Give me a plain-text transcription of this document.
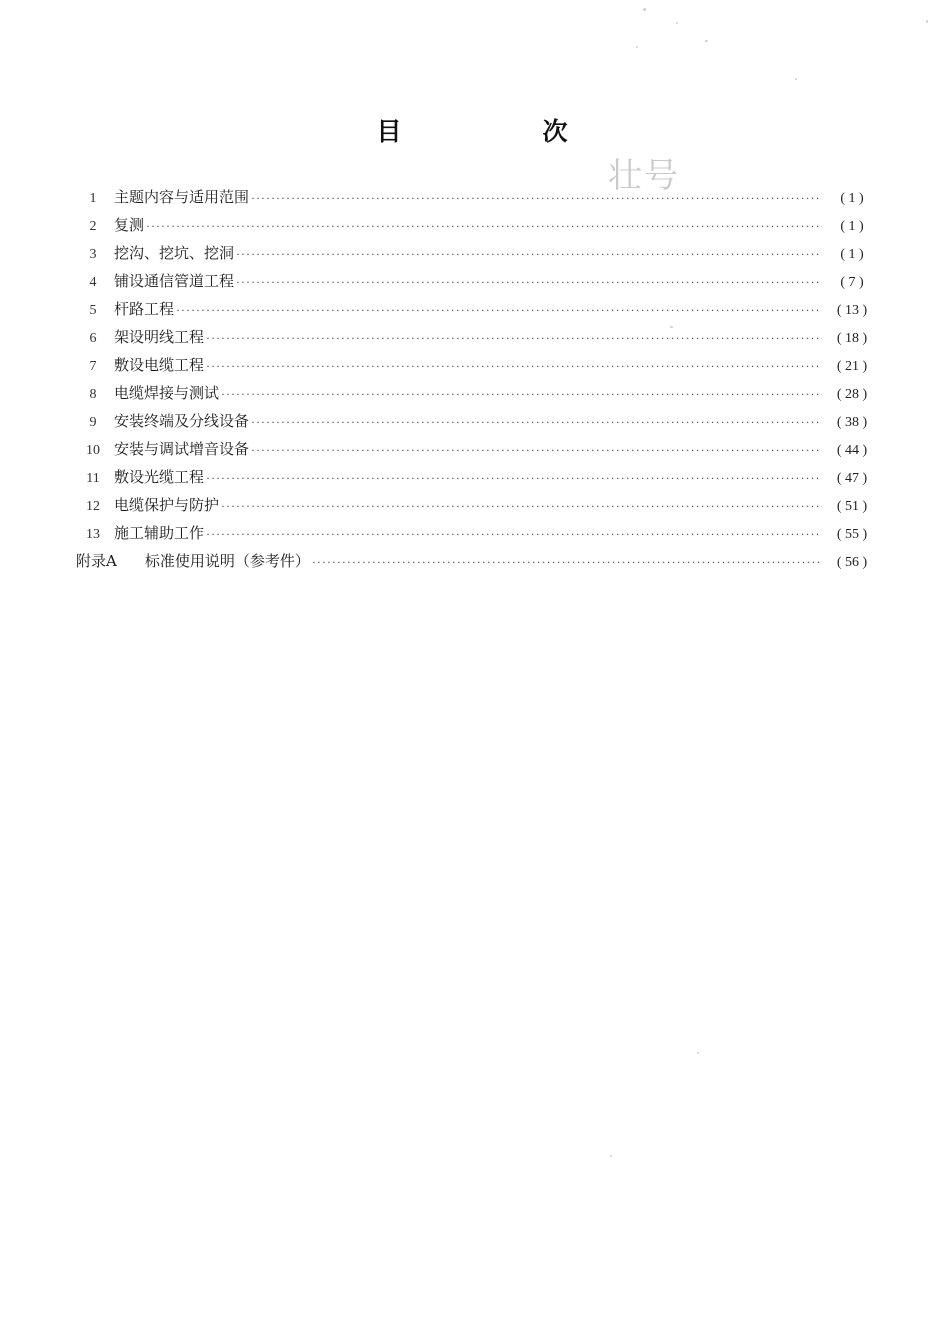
目　次
壮号
1	主题内容与适用范围 ·····	( 1 )
2	复测 ·····	( 1 )
3	挖沟、挖坑、挖洞 ·····	( 1 )
4	铺设通信管道工程 ·····	( 7 )
5	杆路工程 ·····	( 13 )
6	架设明线工程 ·····	( 18 )
7	敷设电缆工程 ·····	( 21 )
8	电缆焊接与测试 ·····	( 28 )
9	安装终端及分线设备 ·····	( 38 )
10 安装与调试增音设备 ·····	( 44 )
11 敷设光缆工程 ·····	( 47 )
12 电缆保护与防护 ·····	( 51 )
13 施工辅助工作 ·····	( 55 )
附录A 标准使用说明（参考件） ·····	( 56 )
